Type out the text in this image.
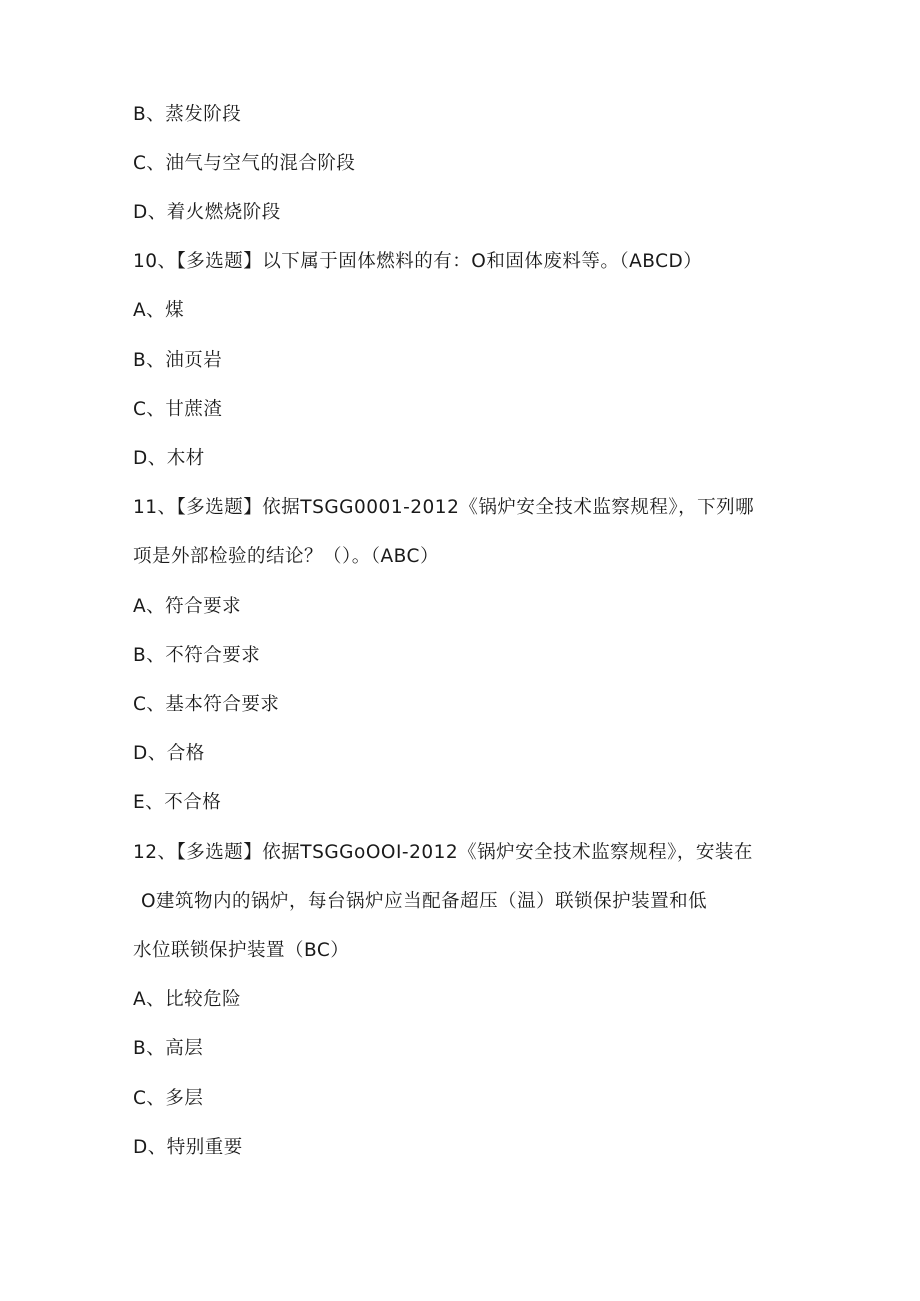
B、蒸发阶段
C、油气与空气的混合阶段
D、着火燃烧阶段
10、【多选题】以下属于固体燃料的有：O和固体废料等。（ABCD）
A、煤
B、油页岩
C、甘蔗渣
D、木材
11、【多选题】依据TSGG0001-2012《锅炉安全技术监察规程》，下列哪
项是外部检验的结论？（）。（ABC）
A、符合要求
B、不符合要求
C、基本符合要求
D、合格
E、不合格
12、【多选题】依据TSGGoOOI-2012《锅炉安全技术监察规程》，安装在
O建筑物内的锅炉，每台锅炉应当配备超压（温）联锁保护装置和低
水位联锁保护装置（BC）
A、比较危险
B、高层
C、多层
D、特别重要
